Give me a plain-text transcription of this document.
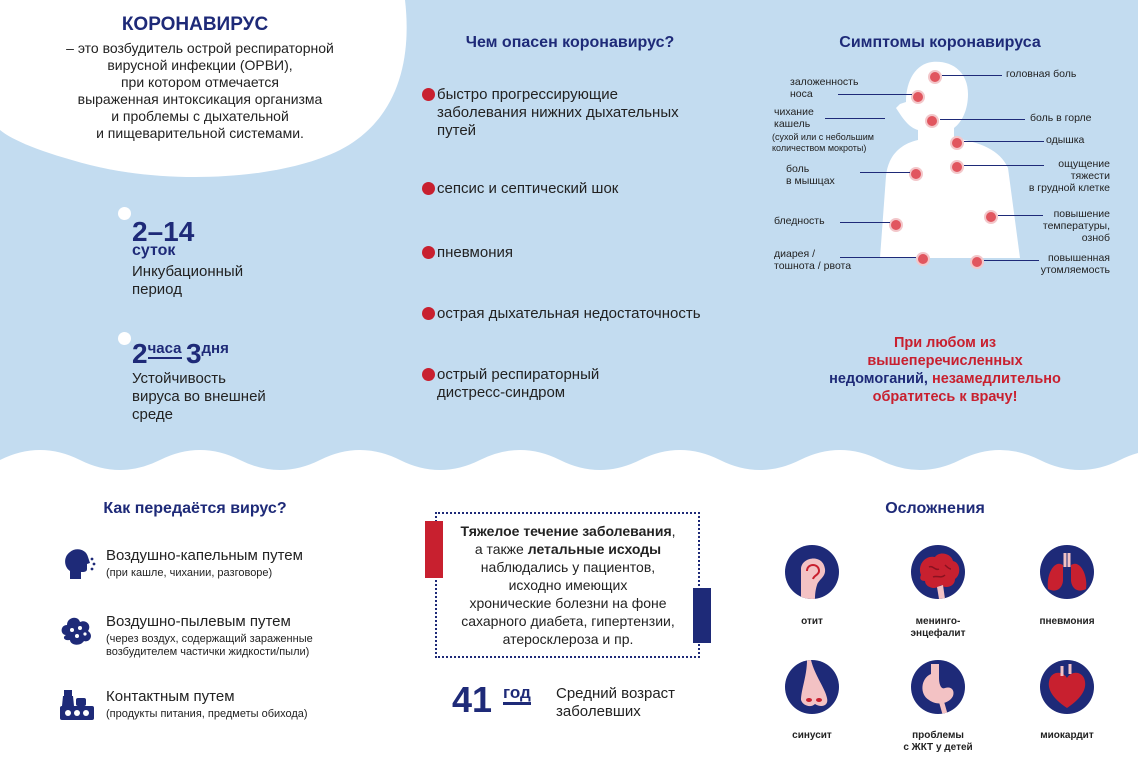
КОРОНАВИРУС
– это возбудитель острой респираторной
вирусной инфекции (ОРВИ),
при котором отмечается
выраженная интоксикация организма
и проблемы с дыхательной
и пищеварительной системами.
2–14
суток
Инкубационный
период
2часа 3дня
Устойчивость
вируса во внешней
среде
Чем опасен коронавирус?
быстро прогрессирующие
заболевания нижних дыхательных
путей
сепсис и септический шок
пневмония
острая дыхательная недостаточность
острый респираторный
дистресс-синдром
Симптомы коронавируса
заложенность
носа
чихание
кашель
(сухой или с небольшим
количеством мокроты)
боль
в мышцах
бледность
диарея /
тошнота / рвота
головная боль
боль в горле
одышка
ощущение
тяжести
в грудной клетке
повышение
температуры,
озноб
повышенная
утомляемость
При любом из
вышеперечисленных
недомоганий, незамедлительно
обратитесь к врачу!
Как передаётся вирус?
Воздушно-капельным путем
(при кашле, чихании, разговоре)
Воздушно-пылевым путем
(через воздух, содержащий зараженные
возбудителем частички жидкости/пыли)
Контактным путем
(продукты питания, предметы обихода)
Тяжелое течение заболевания,
а также летальные исходы
наблюдались у пациентов,
исходно имеющих
хронические болезни на фоне
сахарного диабета, гипертензии,
атеросклероза и пр.
41 год Средний возраст
заболевших
Осложнения
отит	менинго-
энцефалит
пневмония
синусит	проблемы
с ЖКТ у детей
миокардит
